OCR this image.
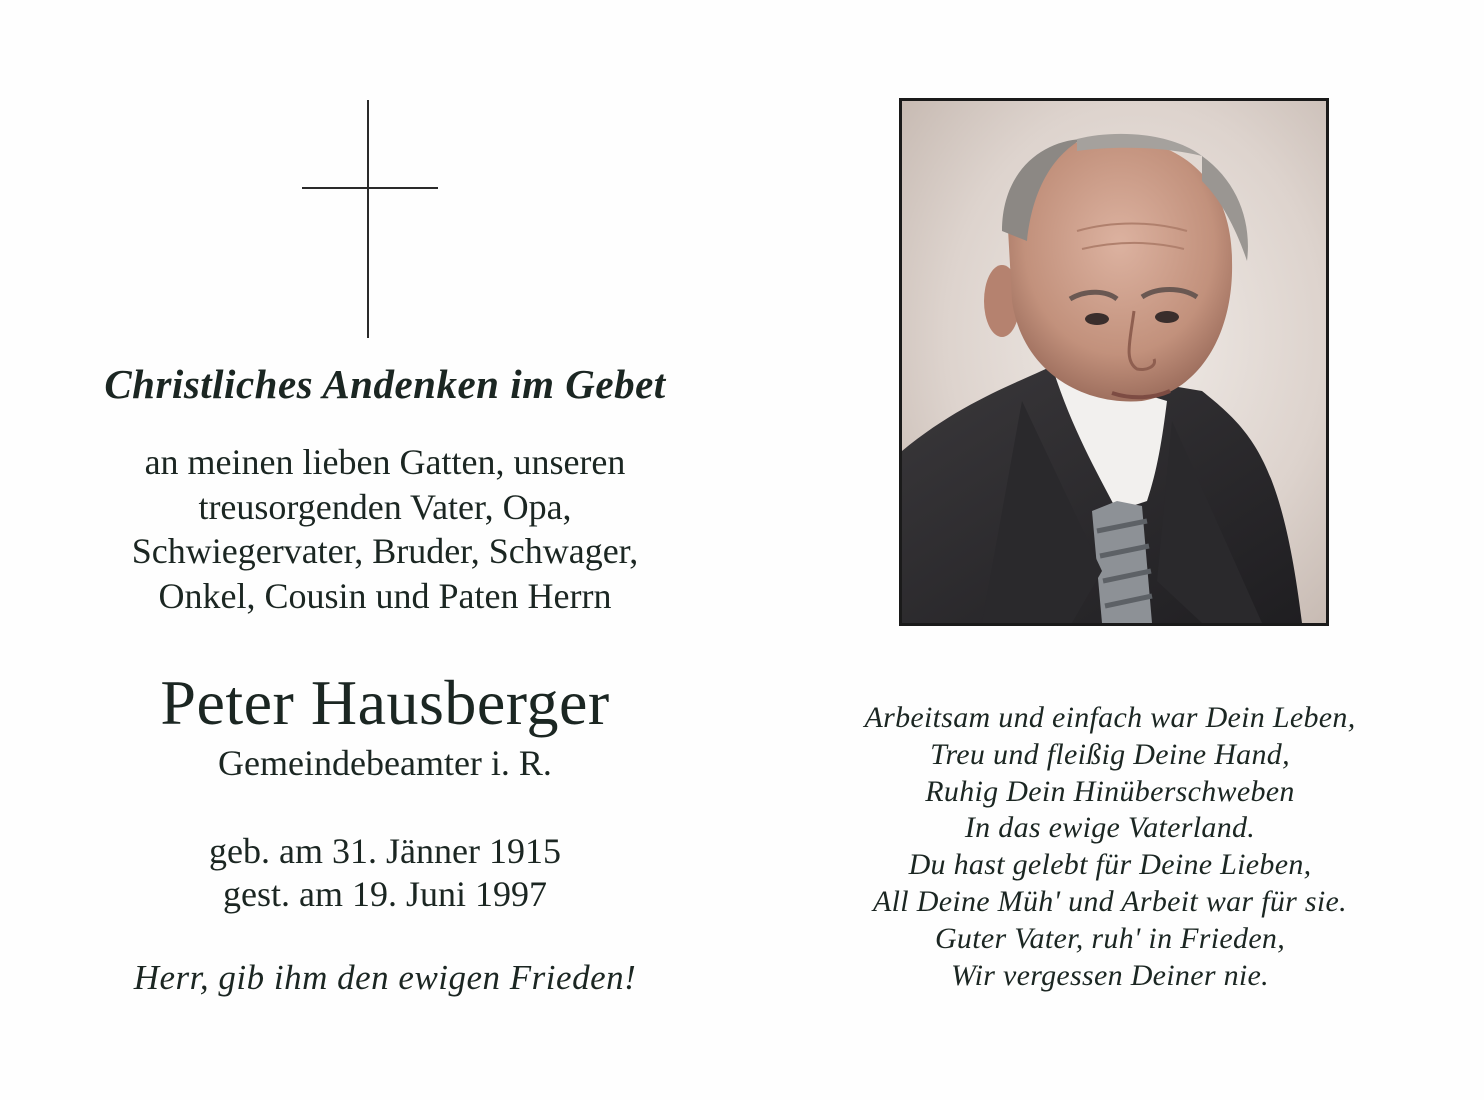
Christliches Andenken im Gebet
an meinen lieben Gatten, unseren
treusorgenden Vater, Opa,
Schwiegervater, Bruder, Schwager,
Onkel, Cousin und Paten Herrn
Peter Hausberger
Gemeindebeamter i. R.
geb. am 31. Jänner 1915
gest. am 19. Juni 1997
Herr, gib ihm den ewigen Frieden!
Arbeitsam und einfach war Dein Leben,
Treu und fleißig Deine Hand,
Ruhig Dein Hinüberschweben
In das ewige Vaterland.
Du hast gelebt für Deine Lieben,
All Deine Müh' und Arbeit war für sie.
Guter Vater, ruh' in Frieden,
Wir vergessen Deiner nie.
